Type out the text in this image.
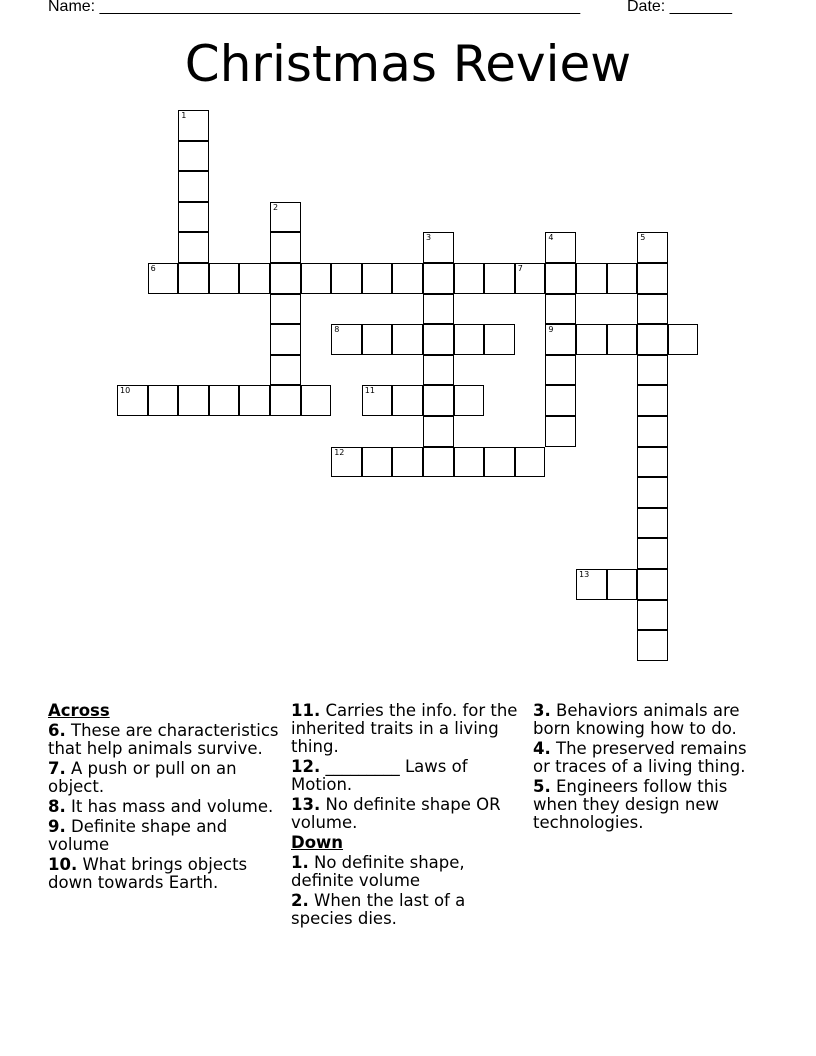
Name: ______________________________________________________	Date: _______
Christmas Review
1
2
3	4
9
5
6	7
8
10	11
12
13

Across

6. These are characteristics that help animals survive.

7. A push or pull on an object.

8. It has mass and volume.

9. Definite shape and volume

10. What brings objects down towards Earth.

11. Carries the info. for the inherited traits in a living thing.

12. _________ Laws of Motion.

13. No definite shape OR volume.

Down

1. No definite shape, definite volume

2. When the last of a species dies.

3. Behaviors animals are born knowing how to do.

4. The preserved remains or traces of a living thing.

5. Engineers follow this when they design new technologies.
